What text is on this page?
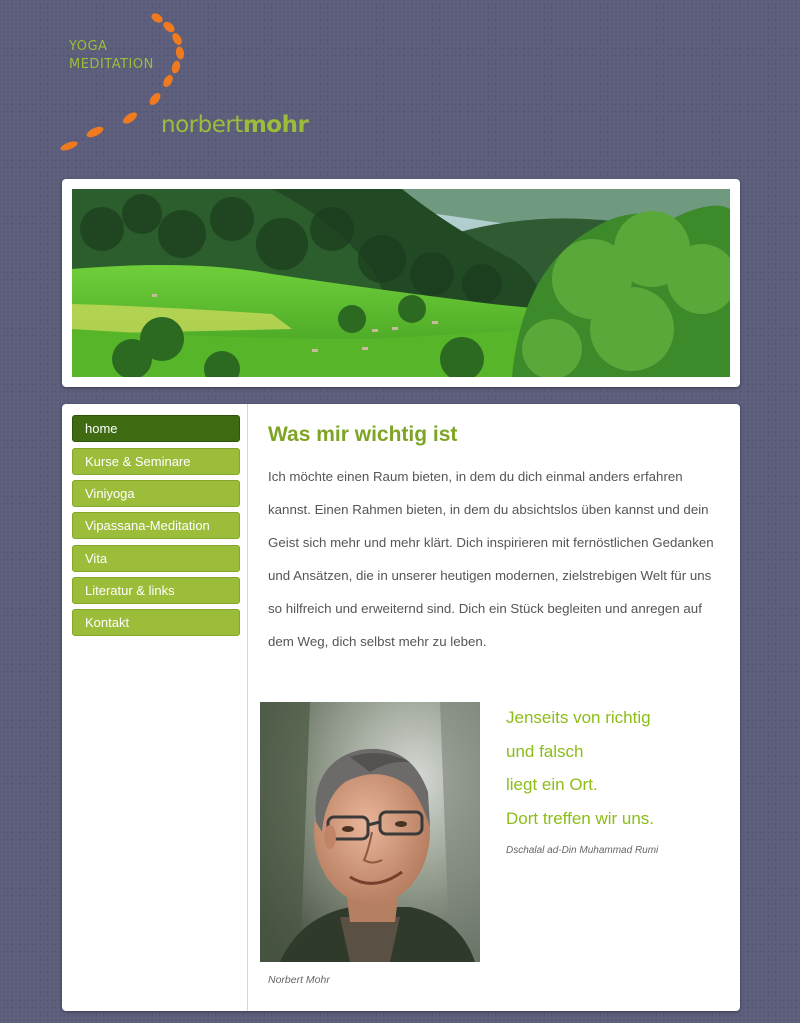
YOGA
MEDITATION
norbertmohr
home
Kurse & Seminare
Viniyoga
Vipassana-Meditation
Vita
Literatur & links
Kontakt
Was mir wichtig ist

Ich möchte einen Raum bieten, in dem du dich einmal anders erfahren kannst. Einen Rahmen bieten, in dem du absichtslos üben kannst und dein Geist sich mehr und mehr klärt. Dich inspirieren mit fernöstlichen Gedanken und Ansätzen, die in unserer heutigen modernen, zielstrebigen Welt für uns so hilfreich und erweiternd sind. Dich ein Stück begleiten und anregen auf dem Weg, dich selbst mehr zu leben.

Norbert Mohr
Jenseits von richtig
und falsch
liegt ein Ort.
Dort treffen wir uns.
Dschalal ad-Din Muhammad Rumi
